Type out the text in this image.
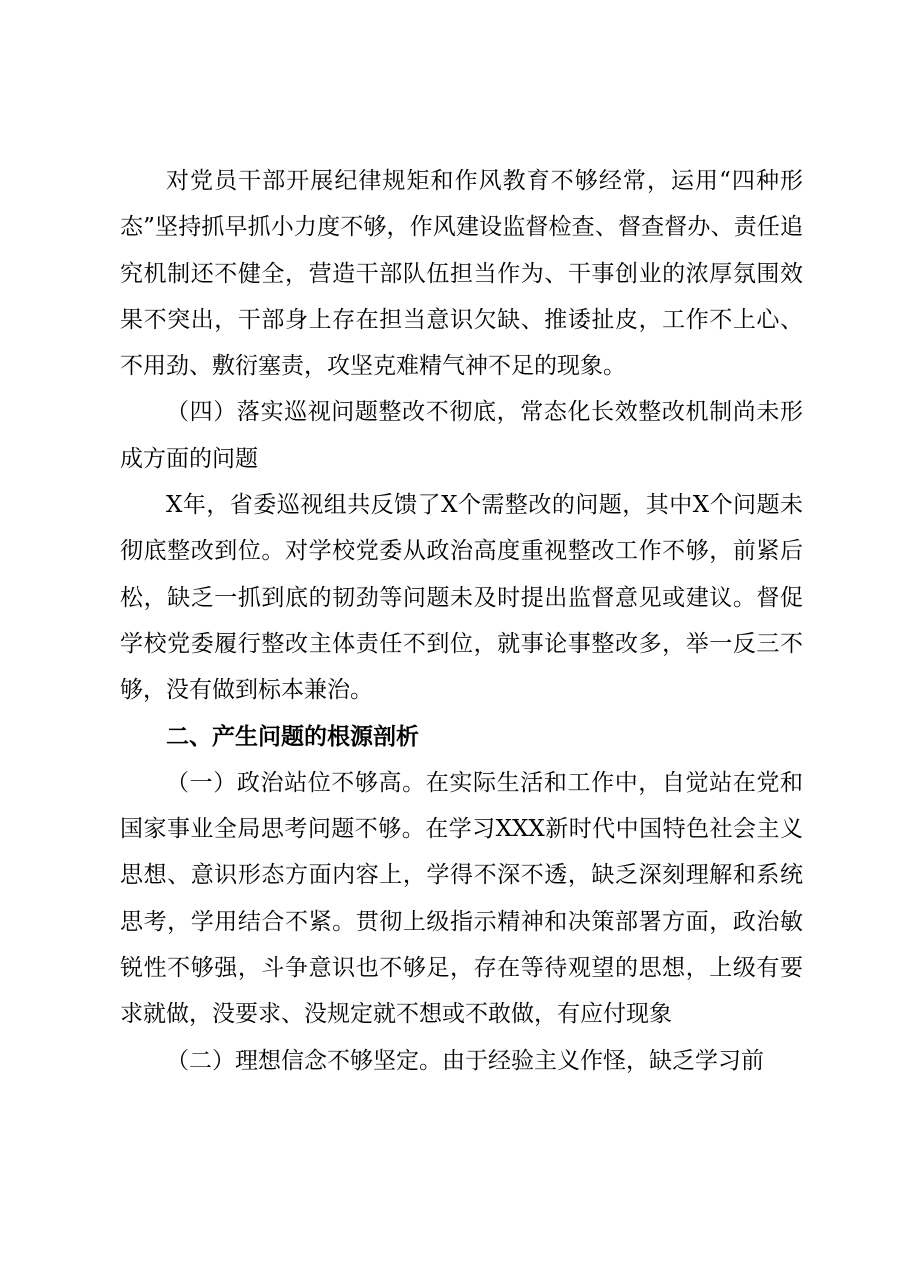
对党员干部开展纪律规矩和作风教育不够经常，运用“四种形态”坚持抓早抓小力度不够，作风建设监督检查、督查督办、责任追究机制还不健全，营造干部队伍担当作为、干事创业的浓厚氛围效果不突出，干部身上存在担当意识欠缺、推诿扯皮，工作不上心、不用劲、敷衍塞责，攻坚克难精气神不足的现象。

（四）落实巡视问题整改不彻底，常态化长效整改机制尚未形成方面的问题

X年，省委巡视组共反馈了X个需整改的问题，其中X个问题未彻底整改到位。对学校党委从政治高度重视整改工作不够，前紧后松，缺乏一抓到底的韧劲等问题未及时提出监督意见或建议。督促学校党委履行整改主体责任不到位，就事论事整改多，举一反三不够，没有做到标本兼治。

二、产生问题的根源剖析

（一）政治站位不够高。在实际生活和工作中，自觉站在党和国家事业全局思考问题不够。在学习XXX新时代中国特色社会主义思想、意识形态方面内容上，学得不深不透，缺乏深刻理解和系统思考，学用结合不紧。贯彻上级指示精神和决策部署方面，政治敏锐性不够强，斗争意识也不够足，存在等待观望的思想，上级有要求就做，没要求、没规定就不想或不敢做，有应付现象

（二）理想信念不够坚定。由于经验主义作怪，缺乏学习前
